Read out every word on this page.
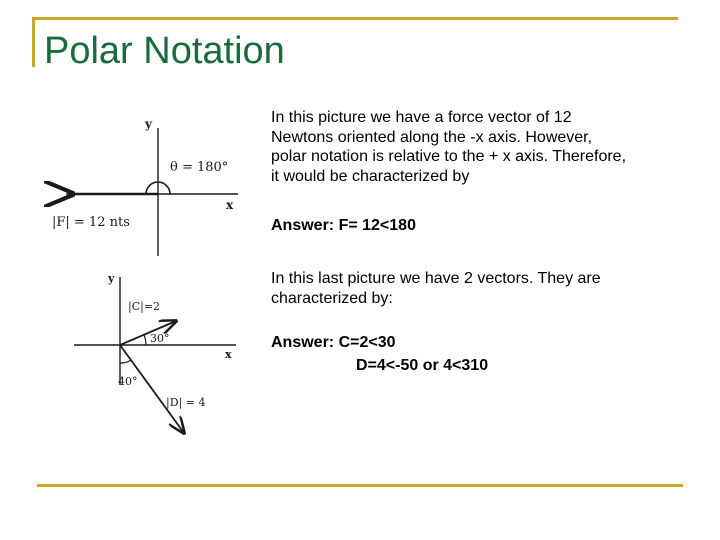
Polar Notation
y
x
θ = 180°
|F| = 12 nts
y
x
|C|=2
30°
40°
|D| = 4
In this picture we have a force vector of 12 Newtons oriented along the -x axis. However, polar notation is relative to the + x axis. Therefore, it would be characterized by
Answer: F= 12<180
In this last picture we have 2 vectors. They are characterized by:
Answer: C=2<30
D=4<-50 or 4<310
